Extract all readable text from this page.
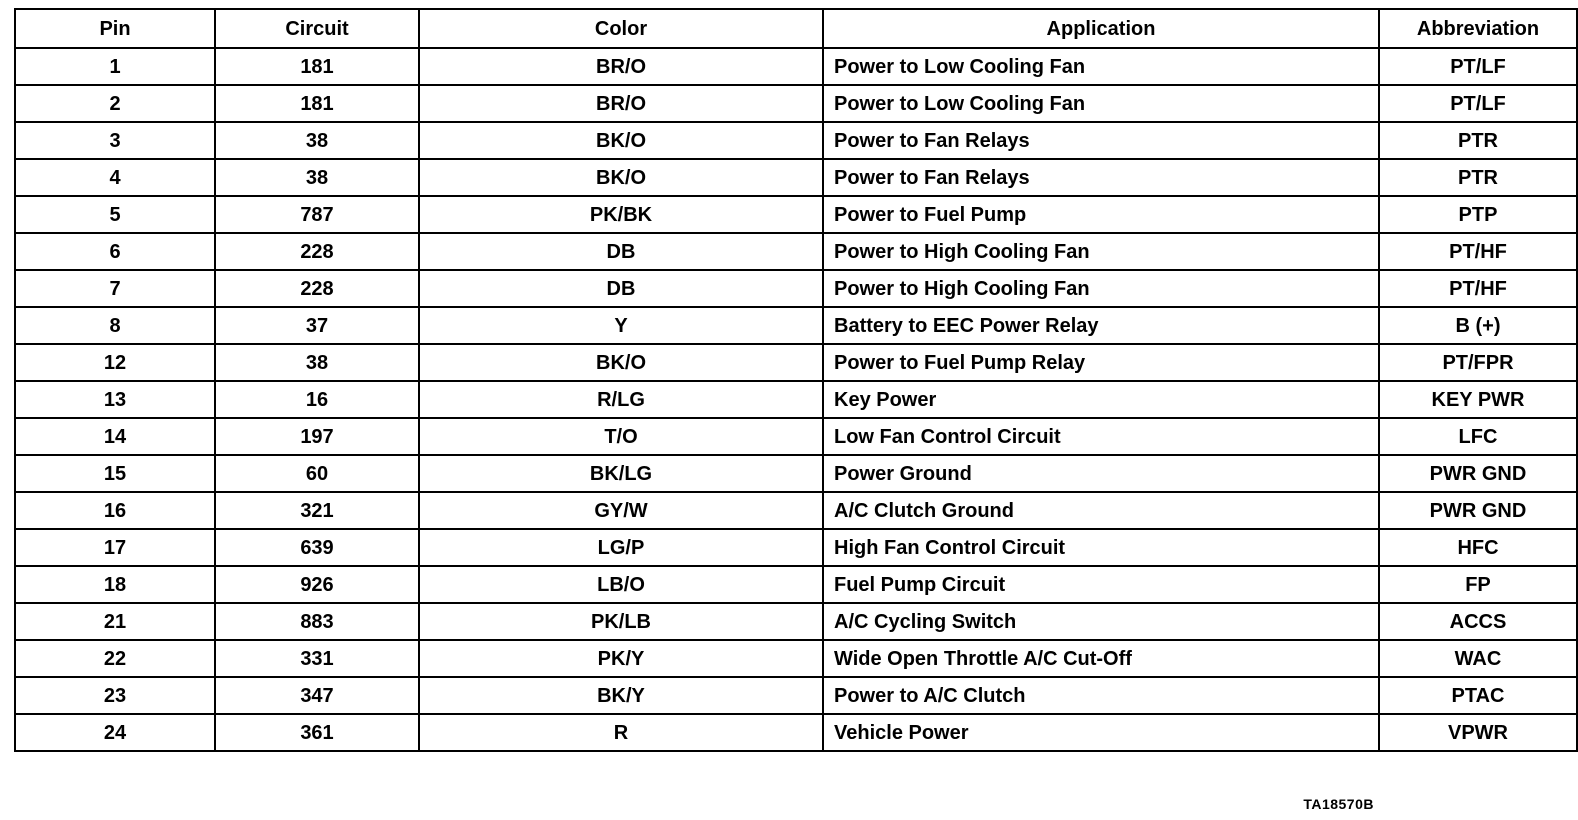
Pin	Circuit	Color	Application	Abbreviation
1	181	BR/O	Power to Low Cooling Fan	PT/LF
2	181	BR/O	Power to Low Cooling Fan	PT/LF
3	38	BK/O	Power to Fan Relays	PTR
4	38	BK/O	Power to Fan Relays	PTR
5	787	PK/BK	Power to Fuel Pump	PTP
6	228	DB	Power to High Cooling Fan	PT/HF
7	228	DB	Power to High Cooling Fan	PT/HF
8	37	Y	Battery to EEC Power Relay	B (+)
12	38	BK/O	Power to Fuel Pump Relay	PT/FPR
13	16	R/LG	Key Power	KEY PWR
14	197	T/O	Low Fan Control Circuit	LFC
15	60	BK/LG	Power Ground	PWR GND
16	321	GY/W	A/C Clutch Ground	PWR GND
17	639	LG/P	High Fan Control Circuit	HFC
18	926	LB/O	Fuel Pump Circuit	FP
21	883	PK/LB	A/C Cycling Switch	ACCS
22	331	PK/Y	Wide Open Throttle A/C Cut-Off	WAC
23	347	BK/Y	Power to A/C Clutch	PTAC
24	361	R	Vehicle Power	VPWR
TA18570B
